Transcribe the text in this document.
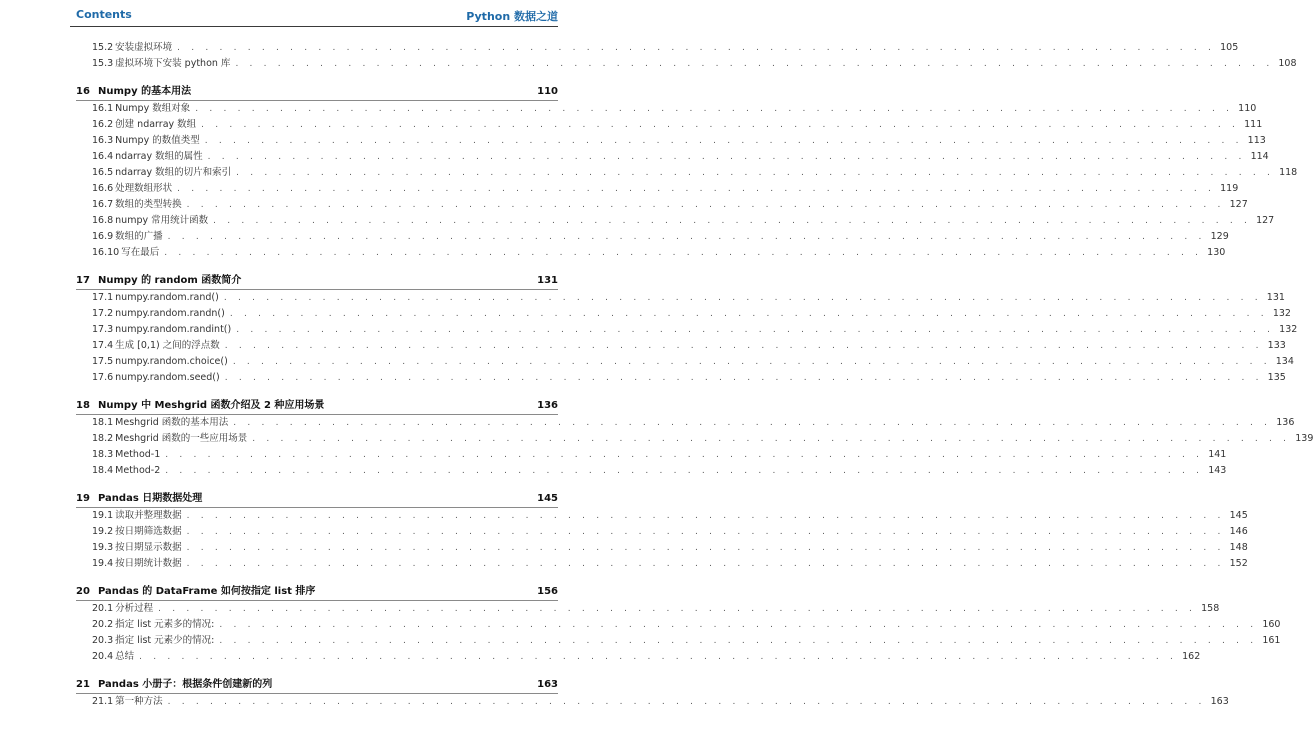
Contents	Python 数据之道
15.2 安装虚拟环境 . . . . . . . . . . . . . . . . . . . . . . . . . . . . . . . . . . . . . . . . . . . . . . . . . . . . . . . . . . . . . . . . . . . . . . . . . . 105
15.3 虚拟环境下安装 python 库 . . . . . . . . . . . . . . . . . . . . . . . . . . . . . . . . . . . . . . . . . . . . . . . . . . . . . . . . . . . . . . . . . . . . . . . . . . 108
16 Numpy 的基本用法	110
16.1 Numpy 数组对象 . . . . . . . . . . . . . . . . . . . . . . . . . . . . . . . . . . . . . . . . . . . . . . . . . . . . . . . . . . . . . . . . . . . . . . . . . . 110
16.2 创建 ndarray 数组 . . . . . . . . . . . . . . . . . . . . . . . . . . . . . . . . . . . . . . . . . . . . . . . . . . . . . . . . . . . . . . . . . . . . . . . . . . 111
16.3 Numpy 的数值类型 . . . . . . . . . . . . . . . . . . . . . . . . . . . . . . . . . . . . . . . . . . . . . . . . . . . . . . . . . . . . . . . . . . . . . . . . . . 113
16.4 ndarray 数组的属性 . . . . . . . . . . . . . . . . . . . . . . . . . . . . . . . . . . . . . . . . . . . . . . . . . . . . . . . . . . . . . . . . . . . . . . . . . . 114
16.5 ndarray 数组的切片和索引 . . . . . . . . . . . . . . . . . . . . . . . . . . . . . . . . . . . . . . . . . . . . . . . . . . . . . . . . . . . . . . . . . . . . . . . . . . 118
16.6 处理数组形状 . . . . . . . . . . . . . . . . . . . . . . . . . . . . . . . . . . . . . . . . . . . . . . . . . . . . . . . . . . . . . . . . . . . . . . . . . . 119
16.7 数组的类型转换 . . . . . . . . . . . . . . . . . . . . . . . . . . . . . . . . . . . . . . . . . . . . . . . . . . . . . . . . . . . . . . . . . . . . . . . . . . 127
16.8 numpy 常用统计函数 . . . . . . . . . . . . . . . . . . . . . . . . . . . . . . . . . . . . . . . . . . . . . . . . . . . . . . . . . . . . . . . . . . . . . . . . . . 127
16.9 数组的广播 . . . . . . . . . . . . . . . . . . . . . . . . . . . . . . . . . . . . . . . . . . . . . . . . . . . . . . . . . . . . . . . . . . . . . . . . . . 129
16.10 写在最后 . . . . . . . . . . . . . . . . . . . . . . . . . . . . . . . . . . . . . . . . . . . . . . . . . . . . . . . . . . . . . . . . . . . . . . . . . . 130
17 Numpy 的 random 函数简介	131
17.1 numpy.random.rand() . . . . . . . . . . . . . . . . . . . . . . . . . . . . . . . . . . . . . . . . . . . . . . . . . . . . . . . . . . . . . . . . . . . . . . . . . . 131
17.2 numpy.random.randn() . . . . . . . . . . . . . . . . . . . . . . . . . . . . . . . . . . . . . . . . . . . . . . . . . . . . . . . . . . . . . . . . . . . . . . . . . . 132
17.3 numpy.random.randint() . . . . . . . . . . . . . . . . . . . . . . . . . . . . . . . . . . . . . . . . . . . . . . . . . . . . . . . . . . . . . . . . . . . . . . . . . . 132
17.4 生成 [0,1) 之间的浮点数 . . . . . . . . . . . . . . . . . . . . . . . . . . . . . . . . . . . . . . . . . . . . . . . . . . . . . . . . . . . . . . . . . . . . . . . . . . 133
17.5 numpy.random.choice() . . . . . . . . . . . . . . . . . . . . . . . . . . . . . . . . . . . . . . . . . . . . . . . . . . . . . . . . . . . . . . . . . . . . . . . . . . 134
17.6 numpy.random.seed() . . . . . . . . . . . . . . . . . . . . . . . . . . . . . . . . . . . . . . . . . . . . . . . . . . . . . . . . . . . . . . . . . . . . . . . . . . 135
18 Numpy 中 Meshgrid 函数介绍及 2 种应用场景	136
18.1 Meshgrid 函数的基本用法 . . . . . . . . . . . . . . . . . . . . . . . . . . . . . . . . . . . . . . . . . . . . . . . . . . . . . . . . . . . . . . . . . . . . . . . . . . 136
18.2 Meshgrid 函数的一些应用场景 . . . . . . . . . . . . . . . . . . . . . . . . . . . . . . . . . . . . . . . . . . . . . . . . . . . . . . . . . . . . . . . . . . . . . . . . . . 139
18.3 Method-1 . . . . . . . . . . . . . . . . . . . . . . . . . . . . . . . . . . . . . . . . . . . . . . . . . . . . . . . . . . . . . . . . . . . . . . . . . . 141
18.4 Method-2 . . . . . . . . . . . . . . . . . . . . . . . . . . . . . . . . . . . . . . . . . . . . . . . . . . . . . . . . . . . . . . . . . . . . . . . . . . 143
19 Pandas 日期数据处理	145
19.1 读取并整理数据 . . . . . . . . . . . . . . . . . . . . . . . . . . . . . . . . . . . . . . . . . . . . . . . . . . . . . . . . . . . . . . . . . . . . . . . . . . 145
19.2 按日期筛选数据 . . . . . . . . . . . . . . . . . . . . . . . . . . . . . . . . . . . . . . . . . . . . . . . . . . . . . . . . . . . . . . . . . . . . . . . . . . 146
19.3 按日期显示数据 . . . . . . . . . . . . . . . . . . . . . . . . . . . . . . . . . . . . . . . . . . . . . . . . . . . . . . . . . . . . . . . . . . . . . . . . . . 148
19.4 按日期统计数据 . . . . . . . . . . . . . . . . . . . . . . . . . . . . . . . . . . . . . . . . . . . . . . . . . . . . . . . . . . . . . . . . . . . . . . . . . . 152
20 Pandas 的 DataFrame 如何按指定 list 排序	156
20.1 分析过程 . . . . . . . . . . . . . . . . . . . . . . . . . . . . . . . . . . . . . . . . . . . . . . . . . . . . . . . . . . . . . . . . . . . . . . . . . . 158
20.2 指定 list 元素多的情况: . . . . . . . . . . . . . . . . . . . . . . . . . . . . . . . . . . . . . . . . . . . . . . . . . . . . . . . . . . . . . . . . . . . . . . . . . . 160
20.3 指定 list 元素少的情况: . . . . . . . . . . . . . . . . . . . . . . . . . . . . . . . . . . . . . . . . . . . . . . . . . . . . . . . . . . . . . . . . . . . . . . . . . . 161
20.4 总结 . . . . . . . . . . . . . . . . . . . . . . . . . . . . . . . . . . . . . . . . . . . . . . . . . . . . . . . . . . . . . . . . . . . . . . . . . . 162
21 Pandas 小册子：根据条件创建新的列	163
21.1 第一种方法 . . . . . . . . . . . . . . . . . . . . . . . . . . . . . . . . . . . . . . . . . . . . . . . . . . . . . . . . . . . . . . . . . . . . . . . . . . 163
